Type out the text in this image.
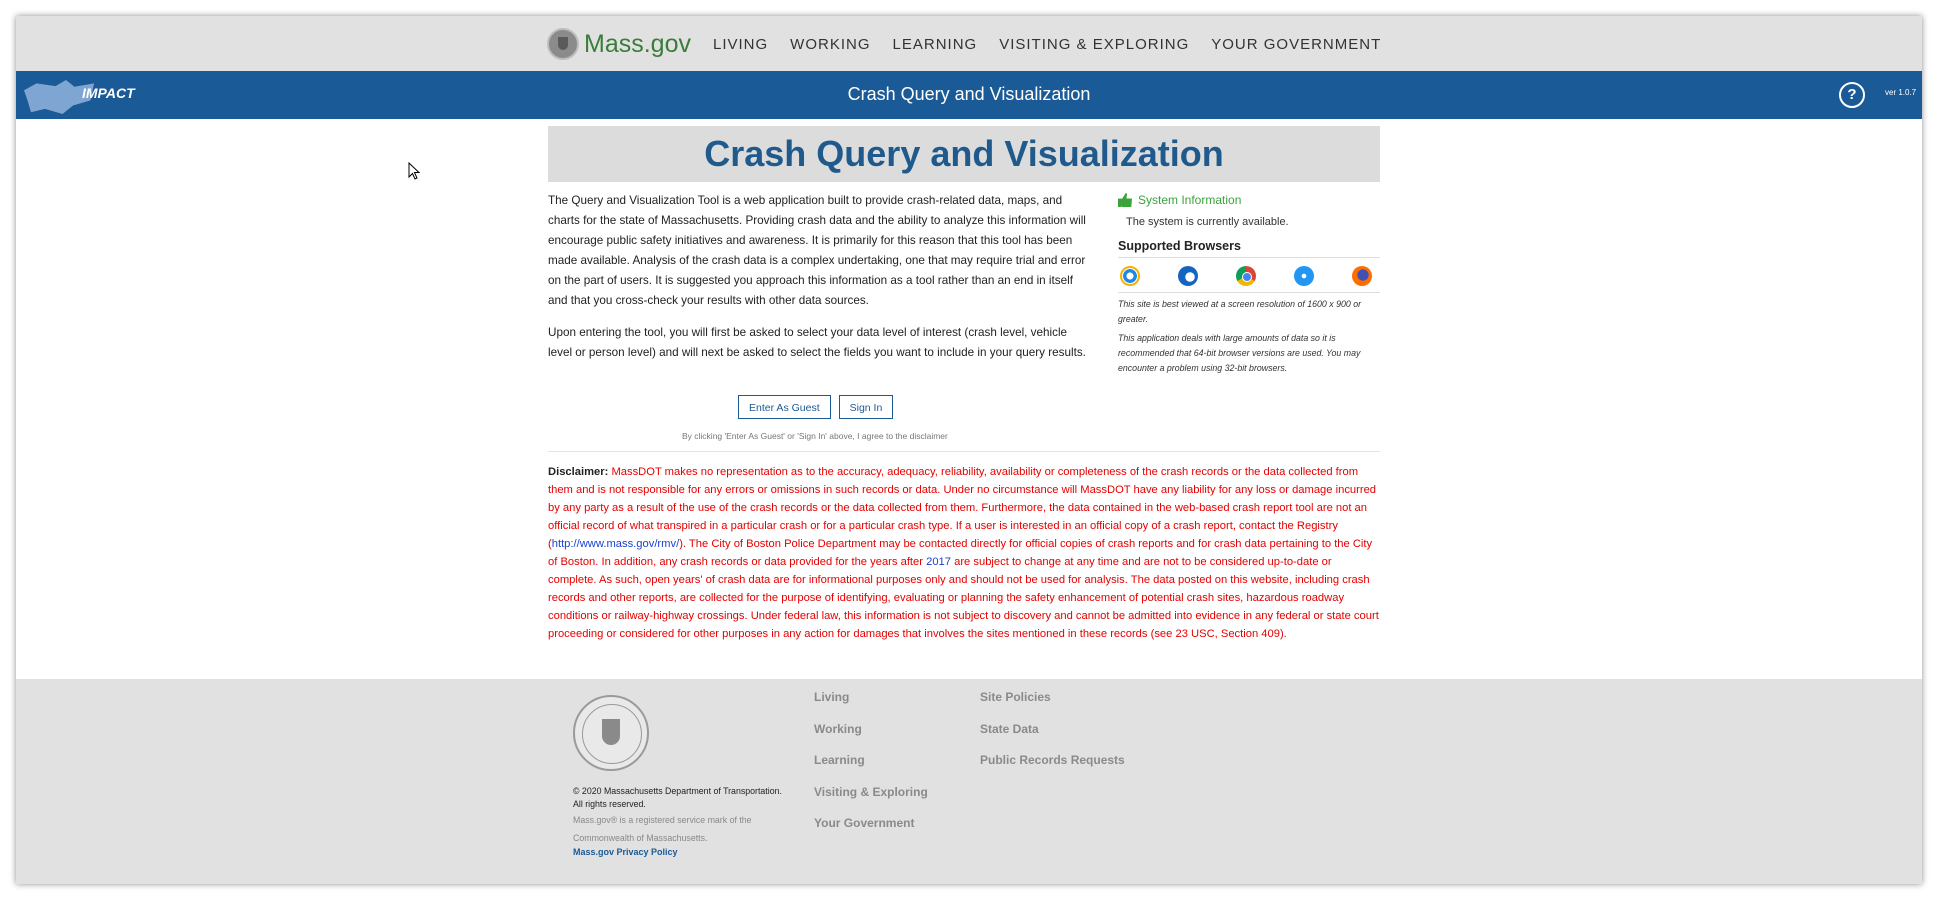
Mass.gov LIVING WORKING LEARNING VISITING & EXPLORING YOUR GOVERNMENT
IMPACT	Crash Query and Visualization	?	ver 1.0.7
Crash Query and Visualization

The Query and Visualization Tool is a web application built to provide crash-related data, maps, and charts for the state of Massachusetts. Providing crash data and the ability to analyze this information will encourage public safety initiatives and awareness. It is primarily for this reason that this tool has been made available. Analysis of the crash data is a complex undertaking, one that may require trial and error on the part of users. It is suggested you approach this information as a tool rather than an end in itself and that you cross-check your results with other data sources.

Upon entering the tool, you will first be asked to select your data level of interest (crash level, vehicle level or person level) and will next be asked to select the fields you want to include in your query results.

System Information
The system is currently available.
Supported Browsers
This site is best viewed at a screen resolution of 1600 x 900 or greater.
This application deals with large amounts of data so it is recommended that 64-bit browser versions are used. You may encounter a problem using 32-bit browsers.
Enter As Guest	Sign In
By clicking 'Enter As Guest' or 'Sign In' above, I agree to the disclaimer
Disclaimer: MassDOT makes no representation as to the accuracy, adequacy, reliability, availability or completeness of the crash records or the data collected from them and is not responsible for any errors or omissions in such records or data. Under no circumstance will MassDOT have any liability for any loss or damage incurred by any party as a result of the use of the crash records or the data collected from them. Furthermore, the data contained in the web-based crash report tool are not an official record of what transpired in a particular crash or for a particular crash type. If a user is interested in an official copy of a crash report, contact the Registry (http://www.mass.gov/rmv/). The City of Boston Police Department may be contacted directly for official copies of crash reports and for crash data pertaining to the City of Boston. In addition, any crash records or data provided for the years after 2017 are subject to change at any time and are not to be considered up-to-date or complete. As such, open years' of crash data are for informational purposes only and should not be used for analysis. The data posted on this website, including crash records and other reports, are collected for the purpose of identifying, evaluating or planning the safety enhancement of potential crash sites, hazardous roadway conditions or railway-highway crossings. Under federal law, this information is not subject to discovery and cannot be admitted into evidence in any federal or state court proceeding or considered for other purposes in any action for damages that involves the sites mentioned in these records (see 23 USC, Section 409).
© 2020 Massachusetts Department of Transportation.
All rights reserved.
Mass.gov® is a registered service mark of the Commonwealth of Massachusetts.
Mass.gov Privacy Policy
Living
Working
Learning
Visiting & Exploring
Your Government
Site Policies
State Data
Public Records Requests
